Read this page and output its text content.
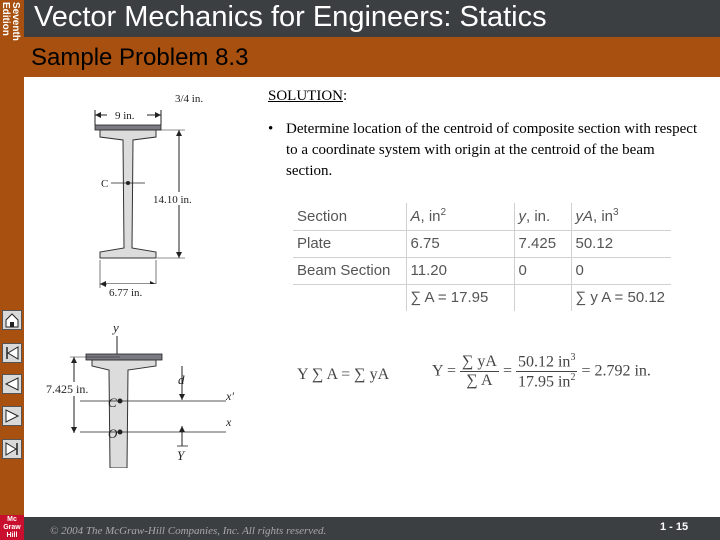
Seventh
Edition
Mc
Graw
Hill
Vector Mechanics for Engineers: Statics
Sample Problem 8.3
3/4 in.
9 in.
C
14.10 in.
6.77 in.
y
7.425 in.
d
x'
C
x
O
Y
SOLUTION:
• Determine location of the centroid of composite section with respect to a coordinate system with origin at the centroid of the beam section.
Section	A, $in^2$	y, in.	yA, $in^3$
Plate	6.75	7.425	50.12
Beam Section	11.20	0	0
	∑ A = 17.95		∑ y A = 50.12
Y ∑ A = ∑ yA	$Y = \frac{\sum yA}{\sum A} = \frac{50.12 in^3}{17.95 in^2} = 2.792$ in.
© 2004 The McGraw-Hill Companies, Inc. All rights reserved.	1 - 15
